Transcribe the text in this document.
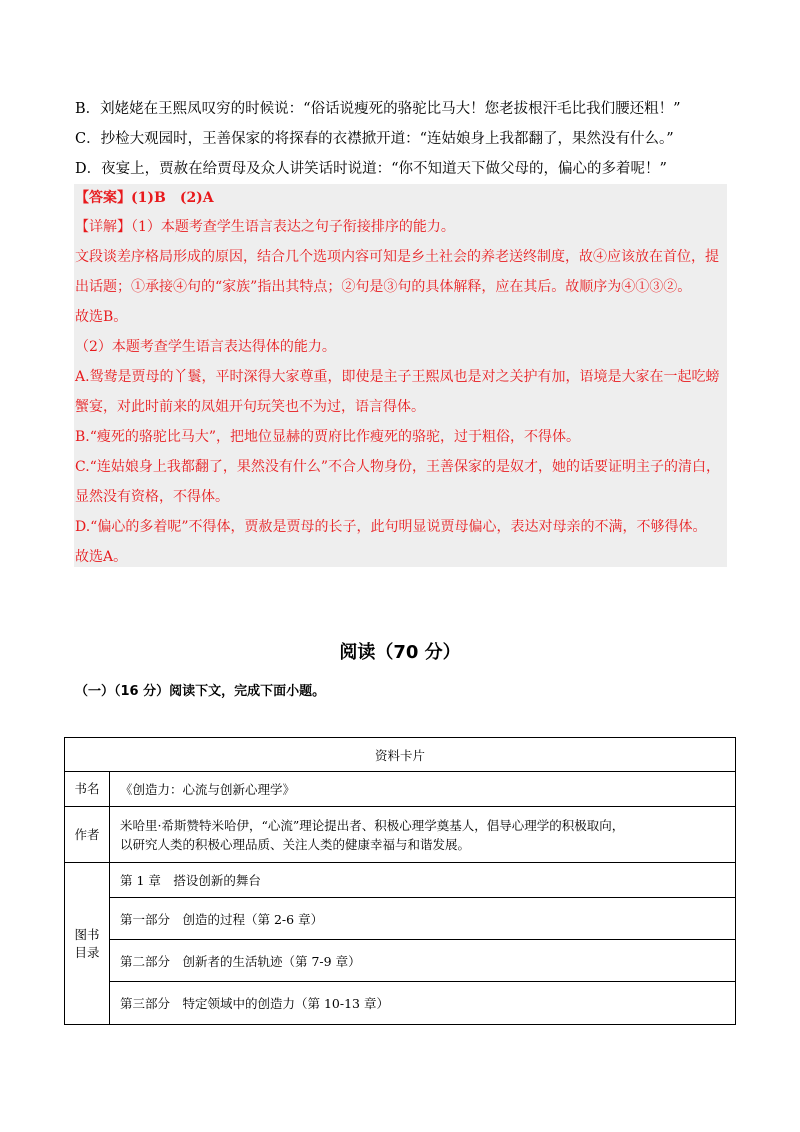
B．刘姥姥在王熙凤叹穷的时候说：“俗话说瘦死的骆驼比马大！您老拔根汗毛比我们腰还粗！”
C．抄检大观园时，王善保家的将探春的衣襟掀开道：“连姑娘身上我都翻了，果然没有什么。”
D．夜宴上，贾赦在给贾母及众人讲笑话时说道：“你不知道天下做父母的，偏心的多着呢！”
【答案】(1)B　(2)A
【详解】（1）本题考查学生语言表达之句子衔接排序的能力。
文段谈差序格局形成的原因，结合几个选项内容可知是乡土社会的养老送终制度，故④应该放在首位，提
出话题；①承接④句的“家族”指出其特点；②句是③句的具体解释，应在其后。故顺序为④①③②。
故选B。
（2）本题考查学生语言表达得体的能力。
A.鸳鸯是贾母的丫鬟，平时深得大家尊重，即使是主子王熙凤也是对之关护有加，语境是大家在一起吃螃
蟹宴，对此时前来的凤姐开句玩笑也不为过，语言得体。
B.“瘦死的骆驼比马大”，把地位显赫的贾府比作瘦死的骆驼，过于粗俗，不得体。
C.“连姑娘身上我都翻了，果然没有什么”不合人物身份，王善保家的是奴才，她的话要证明主子的清白，
显然没有资格，不得体。
D.“偏心的多着呢”不得体，贾赦是贾母的长子，此句明显说贾母偏心，表达对母亲的不满，不够得体。
故选A。
阅读（70 分）
（一）（16 分）阅读下文，完成下面小题。
资料卡片	
书名	《创造力：心流与创新心理学》
作者	米哈里·希斯赞特米哈伊，“心流”理论提出者、积极心理学奠基人，倡导心理学的积极取向，
以研究人类的积极心理品质、关注人类的健康幸福与和谐发展。

图书
目录	第 1 章　搭设创新的舞台
	第一部分　创造的过程（第 2-6 章）
	第二部分　创新者的生活轨迹（第 7-9 章）
	第三部分　特定领域中的创造力（第 10-13 章）
